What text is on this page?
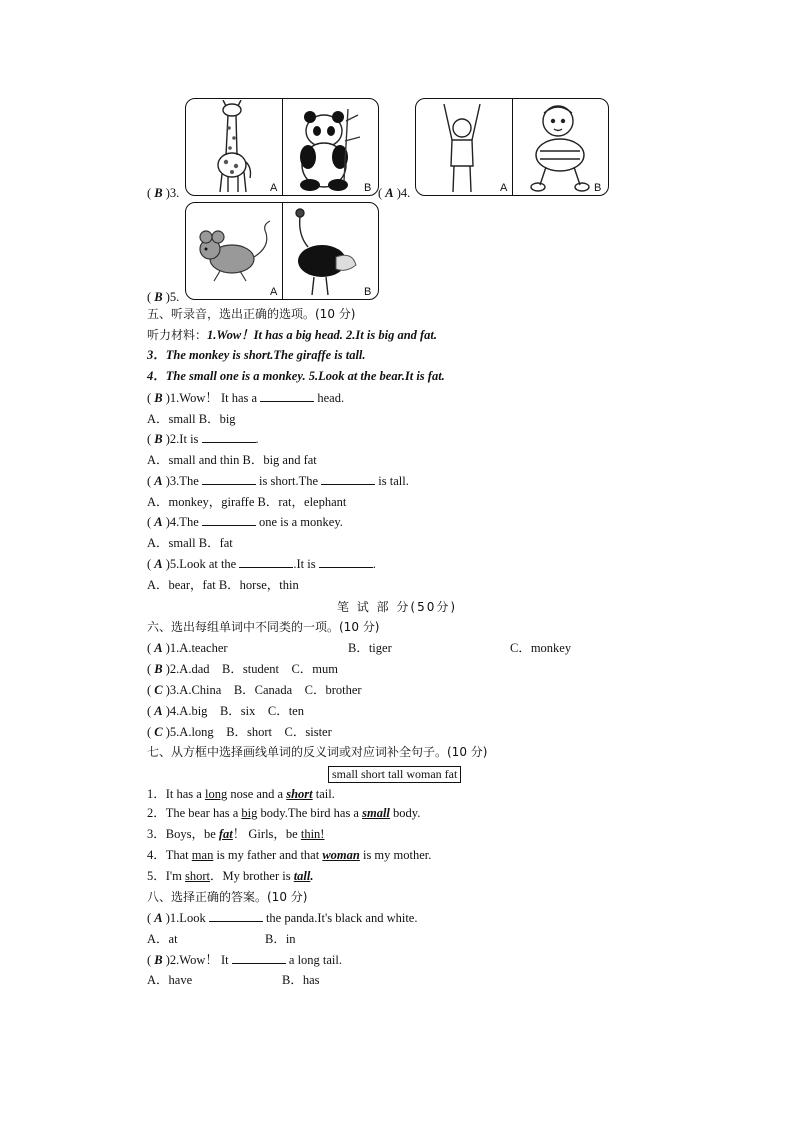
A	B
( B )3.	A	B
( A )4.
A	B
( B )5.
五、听录音，选出正确的选项。(10 分)
听力材料：1.Wow！It has a big head. 2.It is big and fat.
3．The monkey is short.The giraffe is tall.
4．The small one is a monkey. 5.Look at the bear.It is fat.
( B )1.Wow！ It has a	head.
A．small B．big
( B )2.It is	.
A．small and thin B．big and fat
( A )3.The	is short.The	is tall.
A．monkey，giraffe B．rat，elephant
( A )4.The	one is a monkey.
A．small B．fat
( A )5.Look at the	.It is	.
A．bear，fat B．horse，thin
笔 试 部 分(50分)
六、选出每组单词中不同类的一项。(10 分)
( A )1.A.teacher	B．tiger	C．monkey
( B )2.A.dad B．student C．mum
( C )3.A.China B．Canada C．brother
( A )4.A.big B．six C．ten
( C )5.A.long B．short C．sister
七、从方框中选择画线单词的反义词或对应词补全句子。(10 分)
small short tall woman fat
1．It has a long nose and a short tail.
2．The bear has a big body.The bird has a small body.
3．Boys，be fat！ Girls，be thin!
4．That man is my father and that woman is my mother.
5．I'm short．My brother is tall.
八、选择正确的答案。(10 分)
( A )1.Look	the panda.It's black and white.
A．at	B．in
( B )2.Wow！ It	a long tail.
A．have	B．has
